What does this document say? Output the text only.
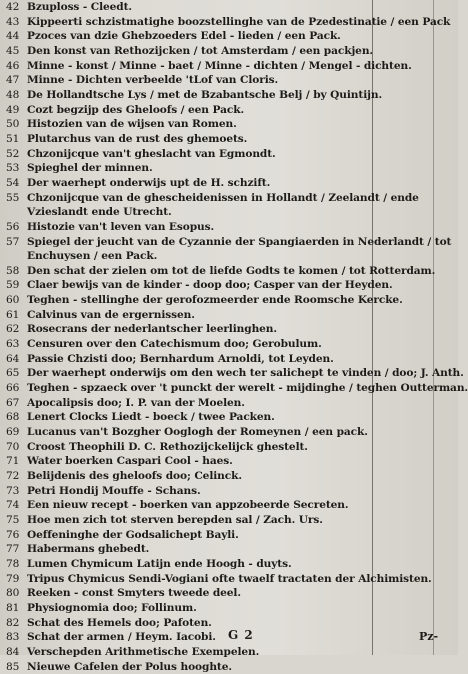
42 Bzuploss - Cleedt.
43 Kippeerti schzistmatighe boozstellinghe van de Pzedestinatie / een Pack
44 Pzoces van dzie Ghebzoeders Edel - lieden / een Pack.
45 Den konst van Rethozijcken / tot Amsterdam / een packjen.
46 Minne - konst / Minne - baet / Minne - dichten / Mengel - dichten.
47 Minne - Dichten verbeelde 'tLof van Cloris.
48 De Hollandtsche Lys / met de Bzabantsche Belj / by Quintijn.
49 Cozt begzijp des Gheloofs / een Pack.
50 Histozien van de wijsen van Romen.
51 Plutarchus van de rust des ghemoets.
52 Chzonijcque van't gheslacht van Egmondt.
53 Spieghel der minnen.
54 Der waerhept onderwijs upt de H. schzift.
55 Chzonijcque van de ghescheidenissen in Hollandt / Zeelandt / ende Vzieslandt ende Utrecht.
56 Histozie van't leven van Esopus.
57 Spiegel der jeucht van de Cyzannie der Spangiaerden in Nederlandt / tot Enchuysen / een Pack.
58 Den schat der zielen om tot de liefde Godts te komen / tot Rotterdam.
59 Claer bewijs van de kinder - doop doo; Casper van der Heyden.
60 Teghen - stellinghe der gerofozmeerder ende Roomsche Kercke.
61 Calvinus van de ergernissen.
62 Rosecrans der nederlantscher leerlinghen.
63 Censuren over den Catechismum doo; Gerobulum.
64 Passie Chzisti doo; Bernhardum Arnoldi, tot Leyden.
65 Der waerhept onderwijs om den wech ter salichept te vinden / doo; J. Anth.
66 Teghen - spzaeck over 't punckt der werelt - mijdinghe / teghen Outterman.
67 Apocalipsis doo; I. P. van der Moelen.
68 Lenert Clocks Liedt - boeck / twee Packen.
69 Lucanus van't Bozgher Ooglogh der Romeynen / een pack.
70 Croost Theophili D. C. Rethozijckelijck ghestelt.
71 Water boerken Caspari Cool - haes.
72 Belijdenis des gheloofs doo; Celinck.
73 Petri Hondij Mouffe - Schans.
74 Een nieuw recept - boerken van appzobeerde Secreten.
75 Hoe men zich tot sterven berepden sal / Zach. Urs.
76 Oeffeninghe der Godsalichept Bayli.
77 Habermans ghebedt.
78 Lumen Chymicum Latijn ende Hoogh - duyts.
79 Tripus Chymicus Sendi-Vogiani ofte twaelf tractaten der Alchimisten.
80 Reeken - const Smyters tweede deel.
81 Physiognomia doo; Follinum.
82 Schat des Hemels doo; Pafoten.
83 Schat der armen / Heym. Iacobi.
84 Verschepden Arithmetische Exempelen.
85 Nieuwe Cafelen der Polus hooghte.
G 2	Pz-
